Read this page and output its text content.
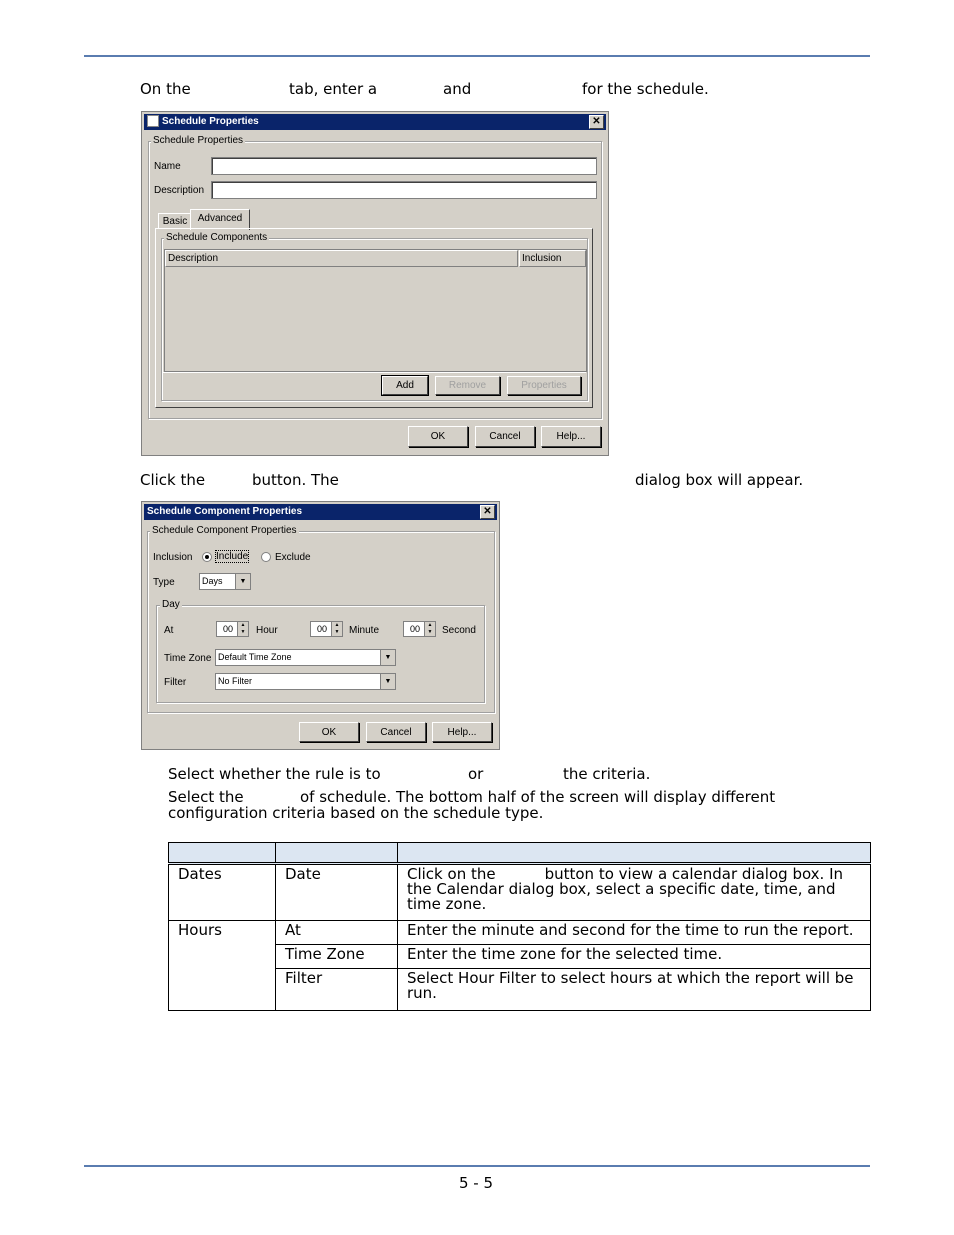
On the	tab, enter a	and	for the schedule.
Schedule Properties	✕
Schedule Properties
Name
Description
Basic	Advanced
Schedule Components
Description	Inclusion
Add	Remove	Properties
OK	Cancel	Help...
Click the	button. The	dialog box will appear.
Schedule Component Properties	✕
Schedule Component Properties
Inclusion Include	Exclude
Type	Days	▼
Day
At	00	▲
▼ Hour	00	▲
▼ Minute	00	▲
▼ Second
Time Zone Default Time Zone	▼
Filter	No Filter	▼
OK	Cancel	Help...
Select whether the rule is to	or	the criteria.
Select the	of schedule. The bottom half of the screen will display different
configuration criteria based on the schedule type.

Dates	Date	Click on the button to view a calendar dialog box. In the Calendar dialog box, select a specific date, time, and time zone.
Hours	At	Enter the minute and second for the time to run the report.
	Time Zone	Enter the time zone for the selected time.
	Filter	Select Hour Filter to select hours at which the report will be run.
5 - 5
